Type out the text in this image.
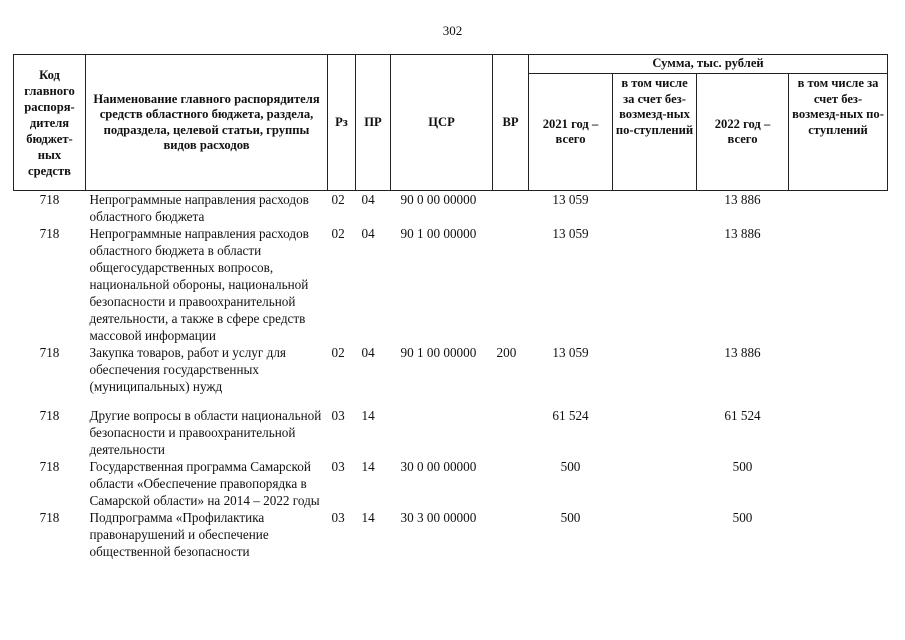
302
Код главного распоря-дителя бюджет-ных средств	Наименование главного распорядителя средств областного бюджета, раздела, подраздела, целевой статьи, группы видов расходов	Рз	ПР	ЦСР	ВР	Сумма, тыс. рублей			
						2021 год – всего	в том числе за счет без-возмезд-ных по-ступлений	2022 год – всего	в том числе за счет без-возмезд-ных по-ступлений
718	Непрограммные направления расходов областного бюджета	02	04	90 0 00 00000		13 059		13 886	
718	Непрограммные направления расходов областного бюджета в области общегосударственных вопросов, национальной обороны, национальной безопасности и правоохранительной деятельности, а также в сфере средств массовой информации	02	04	90 1 00 00000		13 059		13 886	
718	Закупка товаров, работ и услуг для обеспечения государственных (муниципальных) нужд	02	04	90 1 00 00000	200	13 059		13 886	
718	Другие вопросы в области национальной безопасности и правоохранительной деятельности	03	14			61 524		61 524	
718	Государственная программа Самарской области «Обеспечение правопорядка в Самарской области» на 2014 – 2022 годы	03	14	30 0 00 00000		500		500	
718	Подпрограмма «Профилактика правонарушений и обеспечение общественной безопасности	03	14	30 3 00 00000		500		500	
